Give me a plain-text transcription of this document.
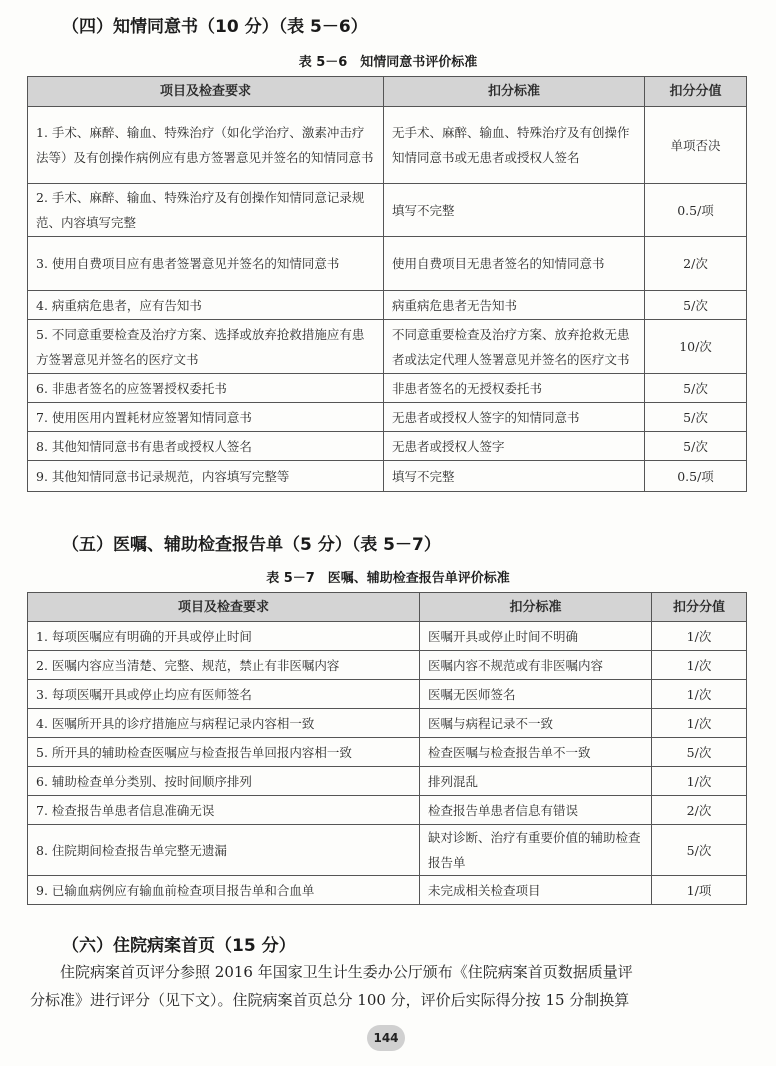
（四）知情同意书（10 分）（表 5－6）
表 5－6　知情同意书评价标准
项目及检查要求	扣分标准	扣分分值
1. 手术、麻醉、输血、特殊治疗（如化学治疗、激素冲击疗法等）及有创操作病例应有患方签署意见并签名的知情同意书	无手术、麻醉、输血、特殊治疗及有创操作知情同意书或无患者或授权人签名	单项否决
2. 手术、麻醉、输血、特殊治疗及有创操作知情同意记录规范、内容填写完整	填写不完整	0.5/项
3. 使用自费项目应有患者签署意见并签名的知情同意书	使用自费项目无患者签名的知情同意书	2/次
4. 病重病危患者，应有告知书	病重病危患者无告知书	5/次
5. 不同意重要检查及治疗方案、选择或放弃抢救措施应有患方签署意见并签名的医疗文书	不同意重要检查及治疗方案、放弃抢救无患者或法定代理人签署意见并签名的医疗文书	10/次
6. 非患者签名的应签署授权委托书	非患者签名的无授权委托书	5/次
7. 使用医用内置耗材应签署知情同意书	无患者或授权人签字的知情同意书	5/次
8. 其他知情同意书有患者或授权人签名	无患者或授权人签字	5/次
9. 其他知情同意书记录规范，内容填写完整等	填写不完整	0.5/项
（五）医嘱、辅助检查报告单（5 分）（表 5－7）
表 5－7　医嘱、辅助检查报告单评价标准
项目及检查要求	扣分标准	扣分分值
1. 每项医嘱应有明确的开具或停止时间	医嘱开具或停止时间不明确	1/次
2. 医嘱内容应当清楚、完整、规范，禁止有非医嘱内容	医嘱内容不规范或有非医嘱内容	1/次
3. 每项医嘱开具或停止均应有医师签名	医嘱无医师签名	1/次
4. 医嘱所开具的诊疗措施应与病程记录内容相一致	医嘱与病程记录不一致	1/次
5. 所开具的辅助检查医嘱应与检查报告单回报内容相一致	检查医嘱与检查报告单不一致	5/次
6. 辅助检查单分类别、按时间顺序排列	排列混乱	1/次
7. 检查报告单患者信息准确无误	检查报告单患者信息有错误	2/次
8. 住院期间检查报告单完整无遗漏	缺对诊断、治疗有重要价值的辅助检查报告单	5/次
9. 已输血病例应有输血前检查项目报告单和合血单	未完成相关检查项目	1/项
（六）住院病案首页（15 分）
　　住院病案首页评分参照 2016 年国家卫生计生委办公厅颁布《住院病案首页数据质量评
分标准》进行评分（见下文）。住院病案首页总分 100 分，评价后实际得分按 15 分制换算
144
